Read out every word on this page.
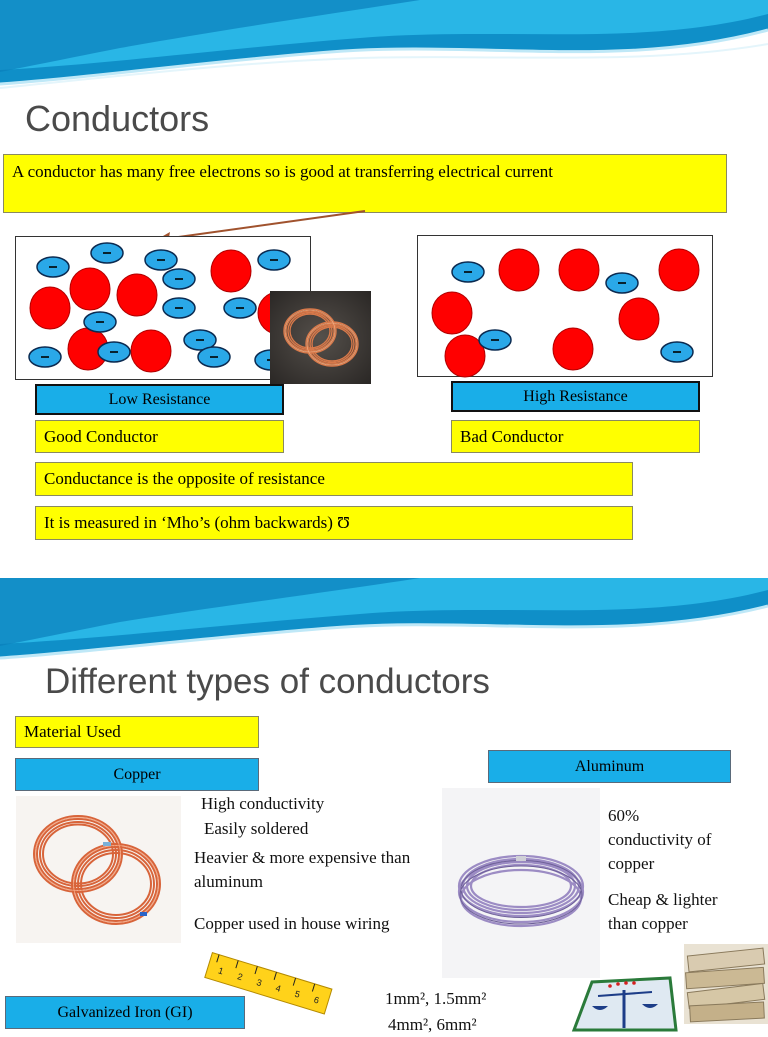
Conductors
A conductor has many free electrons so is good at transferring electrical current
Low Resistance	High Resistance
Good Conductor	Bad Conductor
Conductance is the opposite of resistance
It is measured in ‘Mho’s (ohm backwards) Ʊ
Different types of conductors
Material Used
Copper	Aluminum
High conductivity
Easily soldered
Heavier & more expensive than
aluminum
Copper used in house wiring
60%
conductivity of
copper
Cheap & lighter
than copper
1
2
3
4
5
6
Galvanized Iron (GI)
1mm², 1.5mm²
4mm², 6mm²
